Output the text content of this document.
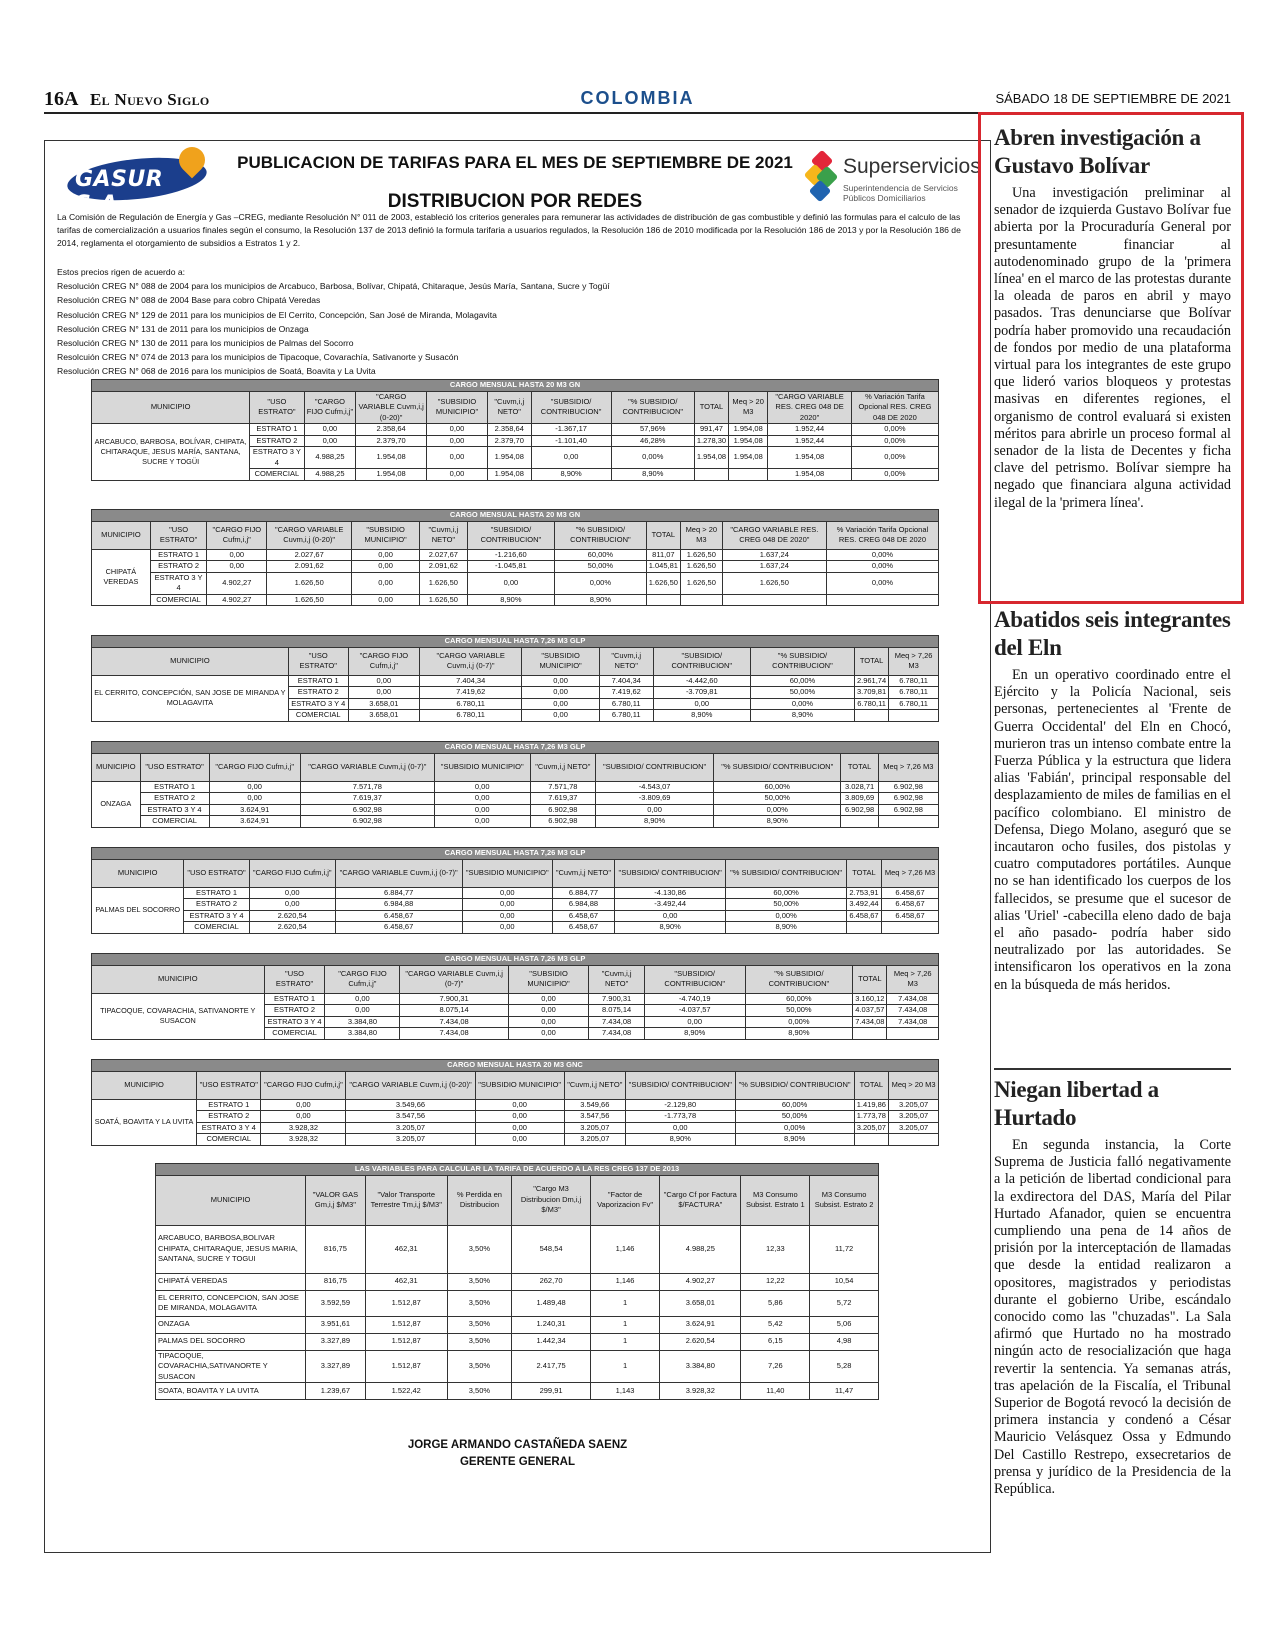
16A El Nuevo Siglo	COLOMBIA	SÁBADO 18 DE SEPTIEMBRE DE 2021
GASUR S.A.
PUBLICACION DE TARIFAS PARA EL MES DE SEPTIEMBRE DE 2021
DISTRIBUCION POR REDES
Superservicios
Superintendencia de Servicios Públicos Domiciliarios

La Comisión de Regulación de Energía y Gas –CREG, mediante Resolución N° 011 de 2003, estableció los criterios generales para remunerar las actividades de distribución de gas combustible y definió las formulas para el calculo de las tarifas de comercialización a usuarios finales según el consumo, la Resolución 137 de 2013 definió la formula tarifaria a usuarios regulados, la Resolución 186 de 2010 modificada por la Resolución 186 de 2013 y por la Resolución 186 de 2014, reglamenta el otorgamiento de subsidios a Estratos 1 y 2.

Estos precios rigen de acuerdo a:
Resolución CREG N° 088 de 2004 para los municipios de Arcabuco, Barbosa, Bolívar, Chipatá, Chitaraque, Jesús María, Santana, Sucre y Togüí
Resolución CREG N° 088 de 2004 Base para cobro Chipatá Veredas
Resolución CREG N° 129 de 2011 para los municipios de El Cerrito, Concepción, San José de Miranda, Molagavita
Resolución CREG N° 131 de 2011 para los municipios de Onzaga
Resolución CREG N° 130 de 2011 para los municipios de Palmas del Socorro
Resolcuión CREG N° 074 de 2013 para los municipios de Tipacoque, Covarachía, Sativanorte y Susacón
Resolución CREG N° 068 de 2016 para los municipios de Soatá, Boavita y La Uvita
CARGO MENSUAL HASTA 20 M3 GN											
MUNICIPIO	"USO ESTRATO"	"CARGO FIJO Cufm,i,j"	"CARGO VARIABLE Cuvm,i,j (0-20)"	"SUBSIDIO MUNICIPIO"	"Cuvm,i,j NETO"	"SUBSIDIO/ CONTRIBUCION"	"% SUBSIDIO/ CONTRIBUCION"	TOTAL	Meq > 20 M3	"CARGO VARIABLE RES. CREG 048 DE 2020"	% Variación Tarifa Opcional RES. CREG 048 DE 2020
ARCABUCO, BARBOSA, BOLÍVAR, CHIPATA, CHITARAQUE, JESUS MARÍA, SANTANA, SUCRE Y TOGÜI	ESTRATO 1	0,00	2.358,64	0,00	2.358,64	-1.367,17	57,96%	991,47	1.954,08	1.952,44	0,00%
	ESTRATO 2	0,00	2.379,70	0,00	2.379,70	-1.101,40	46,28%	1.278,30	1.954,08	1.952,44	0,00%
	ESTRATO 3 Y 4	4.988,25	1.954,08	0,00	1.954,08	0,00	0,00%	1.954,08	1.954,08	1.954,08	0,00%
	COMERCIAL	4.988,25	1.954,08	0,00	1.954,08	8,90%	8,90%			1.954,08	0,00%
CARGO MENSUAL HASTA 20 M3 GN											
MUNICIPIO	"USO ESTRATO"	"CARGO FIJO Cufm,i,j"	"CARGO VARIABLE Cuvm,i,j (0-20)"	"SUBSIDIO MUNICIPIO"	"Cuvm,i,j NETO"	"SUBSIDIO/ CONTRIBUCION"	"% SUBSIDIO/ CONTRIBUCION"	TOTAL	Meq > 20 M3	"CARGO VARIABLE RES. CREG 048 DE 2020"	% Variación Tarifa Opcional RES. CREG 048 DE 2020
CHIPATÁ VEREDAS	ESTRATO 1	0,00	2.027,67	0,00	2.027,67	-1.216,60	60,00%	811,07	1.626,50	1.637,24	0,00%
	ESTRATO 2	0,00	2.091,62	0,00	2.091,62	-1.045,81	50,00%	1.045,81	1.626,50	1.637,24	0,00%
	ESTRATO 3 Y 4	4.902,27	1.626,50	0,00	1.626,50	0,00	0,00%	1.626,50	1.626,50	1.626,50	0,00%
	COMERCIAL	4.902,27	1.626,50	0,00	1.626,50	8,90%	8,90%				
CARGO MENSUAL HASTA 7,26 M3 GLP									
MUNICIPIO	"USO ESTRATO"	"CARGO FIJO Cufm,i,j"	"CARGO VARIABLE Cuvm,i,j (0-7)"	"SUBSIDIO MUNICIPIO"	"Cuvm,i,j NETO"	"SUBSIDIO/ CONTRIBUCION"	"% SUBSIDIO/ CONTRIBUCION"	TOTAL	Meq > 7,26 M3
EL CERRITO, CONCEPCIÓN, SAN JOSE DE MIRANDA Y MOLAGAVITA	ESTRATO 1	0,00	7.404,34	0,00	7.404,34	-4.442,60	60,00%	2.961,74	6.780,11
	ESTRATO 2	0,00	7.419,62	0,00	7.419,62	-3.709,81	50,00%	3.709,81	6.780,11
	ESTRATO 3 Y 4	3.658,01	6.780,11	0,00	6.780,11	0,00	0,00%	6.780,11	6.780,11
	COMERCIAL	3.658,01	6.780,11	0,00	6.780,11	8,90%	8,90%		
CARGO MENSUAL HASTA 7,26 M3 GLP									
MUNICIPIO	"USO ESTRATO"	"CARGO FIJO Cufm,i,j"	"CARGO VARIABLE Cuvm,i,j (0-7)"	"SUBSIDIO MUNICIPIO"	"Cuvm,i,j NETO"	"SUBSIDIO/ CONTRIBUCION"	"% SUBSIDIO/ CONTRIBUCION"	TOTAL	Meq > 7,26 M3
ONZAGA	ESTRATO 1	0,00	7.571,78	0,00	7.571,78	-4.543,07	60,00%	3.028,71	6.902,98
	ESTRATO 2	0,00	7.619,37	0,00	7.619,37	-3.809,69	50,00%	3.809,69	6.902,98
	ESTRATO 3 Y 4	3.624,91	6.902,98	0,00	6.902,98	0,00	0,00%	6.902,98	6.902,98
	COMERCIAL	3.624,91	6.902,98	0,00	6.902,98	8,90%	8,90%		
CARGO MENSUAL HASTA 7,26 M3 GLP									
MUNICIPIO	"USO ESTRATO"	"CARGO FIJO Cufm,i,j"	"CARGO VARIABLE Cuvm,i,j (0-7)"	"SUBSIDIO MUNICIPIO"	"Cuvm,i,j NETO"	"SUBSIDIO/ CONTRIBUCION"	"% SUBSIDIO/ CONTRIBUCION"	TOTAL	Meq > 7,26 M3
PALMAS DEL SOCORRO	ESTRATO 1	0,00	6.884,77	0,00	6.884,77	-4.130,86	60,00%	2.753,91	6.458,67
	ESTRATO 2	0,00	6.984,88	0,00	6.984,88	-3.492,44	50,00%	3.492,44	6.458,67
	ESTRATO 3 Y 4	2.620,54	6.458,67	0,00	6.458,67	0,00	0,00%	6.458,67	6.458,67
	COMERCIAL	2.620,54	6.458,67	0,00	6.458,67	8,90%	8,90%		
CARGO MENSUAL HASTA 7,26 M3 GLP									
MUNICIPIO	"USO ESTRATO"	"CARGO FIJO Cufm,i,j"	"CARGO VARIABLE Cuvm,i,j (0-7)"	"SUBSIDIO MUNICIPIO"	"Cuvm,i,j NETO"	"SUBSIDIO/ CONTRIBUCION"	"% SUBSIDIO/ CONTRIBUCION"	TOTAL	Meq > 7,26 M3
TIPACOQUE, COVARACHIA, SATIVANORTE Y SUSACON	ESTRATO 1	0,00	7.900,31	0,00	7.900,31	-4.740,19	60,00%	3.160,12	7.434,08
	ESTRATO 2	0,00	8.075,14	0,00	8.075,14	-4.037,57	50,00%	4.037,57	7.434,08
	ESTRATO 3 Y 4	3.384,80	7.434,08	0,00	7.434,08	0,00	0,00%	7.434,08	7.434,08
	COMERCIAL	3.384,80	7.434,08	0,00	7.434,08	8,90%	8,90%		
CARGO MENSUAL HASTA 20 M3 GNC									
MUNICIPIO	"USO ESTRATO"	"CARGO FIJO Cufm,i,j"	"CARGO VARIABLE Cuvm,i,j (0-20)"	"SUBSIDIO MUNICIPIO"	"Cuvm,i,j NETO"	"SUBSIDIO/ CONTRIBUCION"	"% SUBSIDIO/ CONTRIBUCION"	TOTAL	Meq > 20 M3
SOATÁ, BOAVITA Y LA UVITA	ESTRATO 1	0,00	3.549,66	0,00	3.549,66	-2.129,80	60,00%	1.419,86	3.205,07
	ESTRATO 2	0,00	3.547,56	0,00	3.547,56	-1.773,78	50,00%	1.773,78	3.205,07
	ESTRATO 3 Y 4	3.928,32	3.205,07	0,00	3.205,07	0,00	0,00%	3.205,07	3.205,07
	COMERCIAL	3.928,32	3.205,07	0,00	3.205,07	8,90%	8,90%		
LAS VARIABLES PARA CALCULAR LA TARIFA DE ACUERDO A LA RES CREG 137 DE 2013								
MUNICIPIO	"VALOR GAS Gm,i,j $/M3"	"Valor Transporte Terrestre Tm,i,j $/M3"	% Perdida en Distribucion	"Cargo M3 Distribucion Dm,i,j $/M3"	"Factor de Vaporizacion Fv"	"Cargo Cf por Factura $/FACTURA"	M3 Consumo Subsist. Estrato 1	M3 Consumo Subsist. Estrato 2
ARCABUCO, BARBOSA,BOLIVAR CHIPATA, CHITARAQUE, JESUS MARIA, SANTANA, SUCRE Y TOGUI	816,75	462,31	3,50%	548,54	1,146	4.988,25	12,33	11,72
CHIPATÁ VEREDAS	816,75	462,31	3,50%	262,70	1,146	4.902,27	12,22	10,54
EL CERRITO, CONCEPCION, SAN JOSE DE MIRANDA, MOLAGAVITA	3.592,59	1.512,87	3,50%	1.489,48	1	3.658,01	5,86	5,72
ONZAGA	3.951,61	1.512,87	3,50%	1.240,31	1	3.624,91	5,42	5,06
PALMAS DEL SOCORRO	3.327,89	1.512,87	3,50%	1.442,34	1	2.620,54	6,15	4,98
TIPACOQUE, COVARACHIA,SATIVANORTE Y SUSACON	3.327,89	1.512,87	3,50%	2.417,75	1	3.384,80	7,26	5,28
SOATA, BOAVITA Y LA UVITA	1.239,67	1.522,42	3,50%	299,91	1,143	3.928,32	11,40	11,47
JORGE ARMANDO CASTAÑEDA SAENZ
GERENTE GENERAL
Abren investigación a Gustavo Bolívar

Una investigación preliminar al senador de izquierda Gustavo Bolívar fue abierta por la Procuraduría General por presuntamente financiar al autodenominado grupo de la 'primera línea' en el marco de las protestas durante la oleada de paros en abril y mayo pasados. Tras denunciarse que Bolívar podría haber promovido una recaudación de fondos por medio de una plataforma virtual para los integrantes de este grupo que lideró varios bloqueos y protestas masivas en diferentes regiones, el organismo de control evaluará si existen méritos para abrirle un proceso formal al senador de la lista de Decentes y ficha clave del petrismo. Bolívar siempre ha negado que financiara alguna actividad ilegal de la 'primera línea'.

Abatidos seis integrantes del Eln

En un operativo coordinado entre el Ejército y la Policía Nacional, seis personas, pertenecientes al 'Frente de Guerra Occidental' del Eln en Chocó, murieron tras un intenso combate entre la Fuerza Pública y la estructura que lidera alias 'Fabián', principal responsable del desplazamiento de miles de familias en el pacífico colombiano. El ministro de Defensa, Diego Molano, aseguró que se incautaron ocho fusiles, dos pistolas y cuatro computadores portátiles. Aunque no se han identificado los cuerpos de los fallecidos, se presume que el sucesor de alias 'Uriel' -cabecilla eleno dado de baja el año pasado- podría haber sido neutralizado por las autoridades. Se intensificaron los operativos en la zona en la búsqueda de más heridos.

Niegan libertad a Hurtado

En segunda instancia, la Corte Suprema de Justicia falló negativamente a la petición de libertad condicional para la exdirectora del DAS, María del Pilar Hurtado Afanador, quien se encuentra cumpliendo una pena de 14 años de prisión por la interceptación de llamadas que desde la entidad realizaron a opositores, magistrados y periodistas durante el gobierno Uribe, escándalo conocido como las "chuzadas". La Sala afirmó que Hurtado no ha mostrado ningún acto de resocialización que haga revertir la sentencia. Ya semanas atrás, tras apelación de la Fiscalía, el Tribunal Superior de Bogotá revocó la decisión de primera instancia y condenó a César Mauricio Velásquez Ossa y Edmundo Del Castillo Restrepo, exsecretarios de prensa y jurídico de la Presidencia de la República.
